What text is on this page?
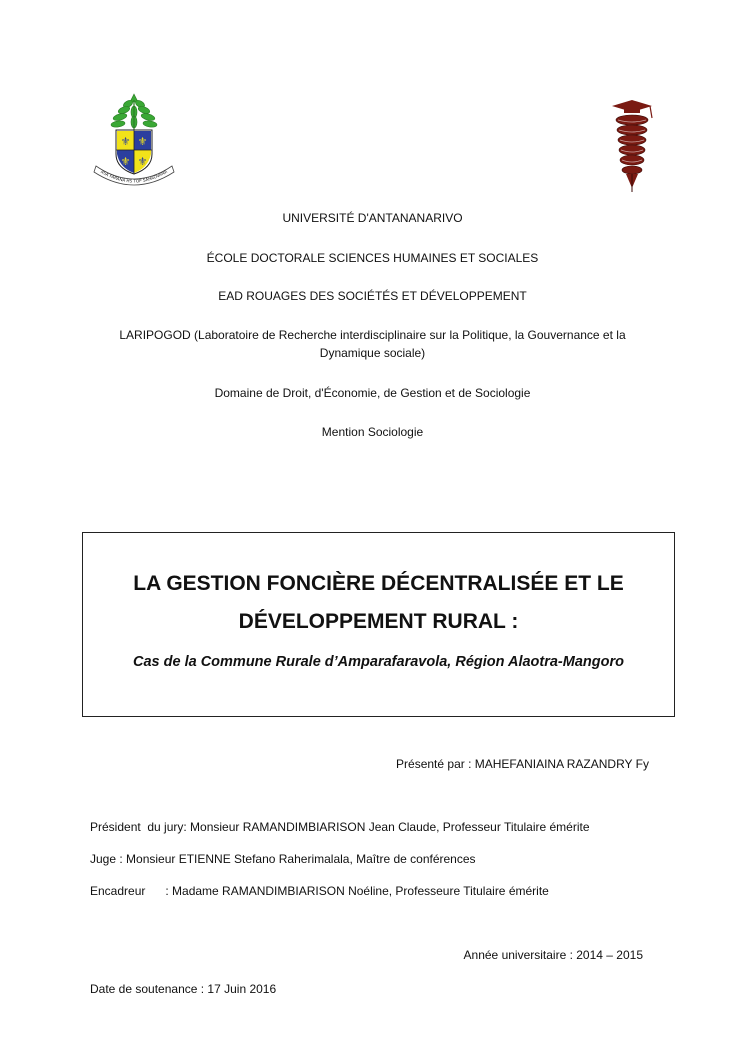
⚜ ⚜
⚜ ⚜
ASA FARANA HS TOP SAHAOVANA
UNIVERSITÉ D'ANTANANARIVO
ÉCOLE DOCTORALE SCIENCES HUMAINES ET SOCIALES
EAD ROUAGES DES SOCIÉTÉS ET DÉVELOPPEMENT
LARIPOGOD (Laboratoire de Recherche interdisciplinaire sur la Politique, la Gouvernance et la
Dynamique sociale)
Domaine de Droit, d'Économie, de Gestion et de Sociologie
Mention Sociologie
LA GESTION FONCIÈRE DÉCENTRALISÉE ET LE
DÉVELOPPEMENT RURAL :
Cas de la Commune Rurale d’Amparafaravola, Région Alaotra-Mangoro
Présenté par : MAHEFANIAINA RAZANDRY Fy
Président  du jury: Monsieur RAMANDIMBIARISON Jean Claude, Professeur Titulaire émérite
Juge : Monsieur ETIENNE Stefano Raherimalala, Maître de conférences
Encadreur      : Madame RAMANDIMBIARISON Noéline, Professeure Titulaire émérite
Année universitaire : 2014 – 2015
Date de soutenance : 17 Juin 2016
